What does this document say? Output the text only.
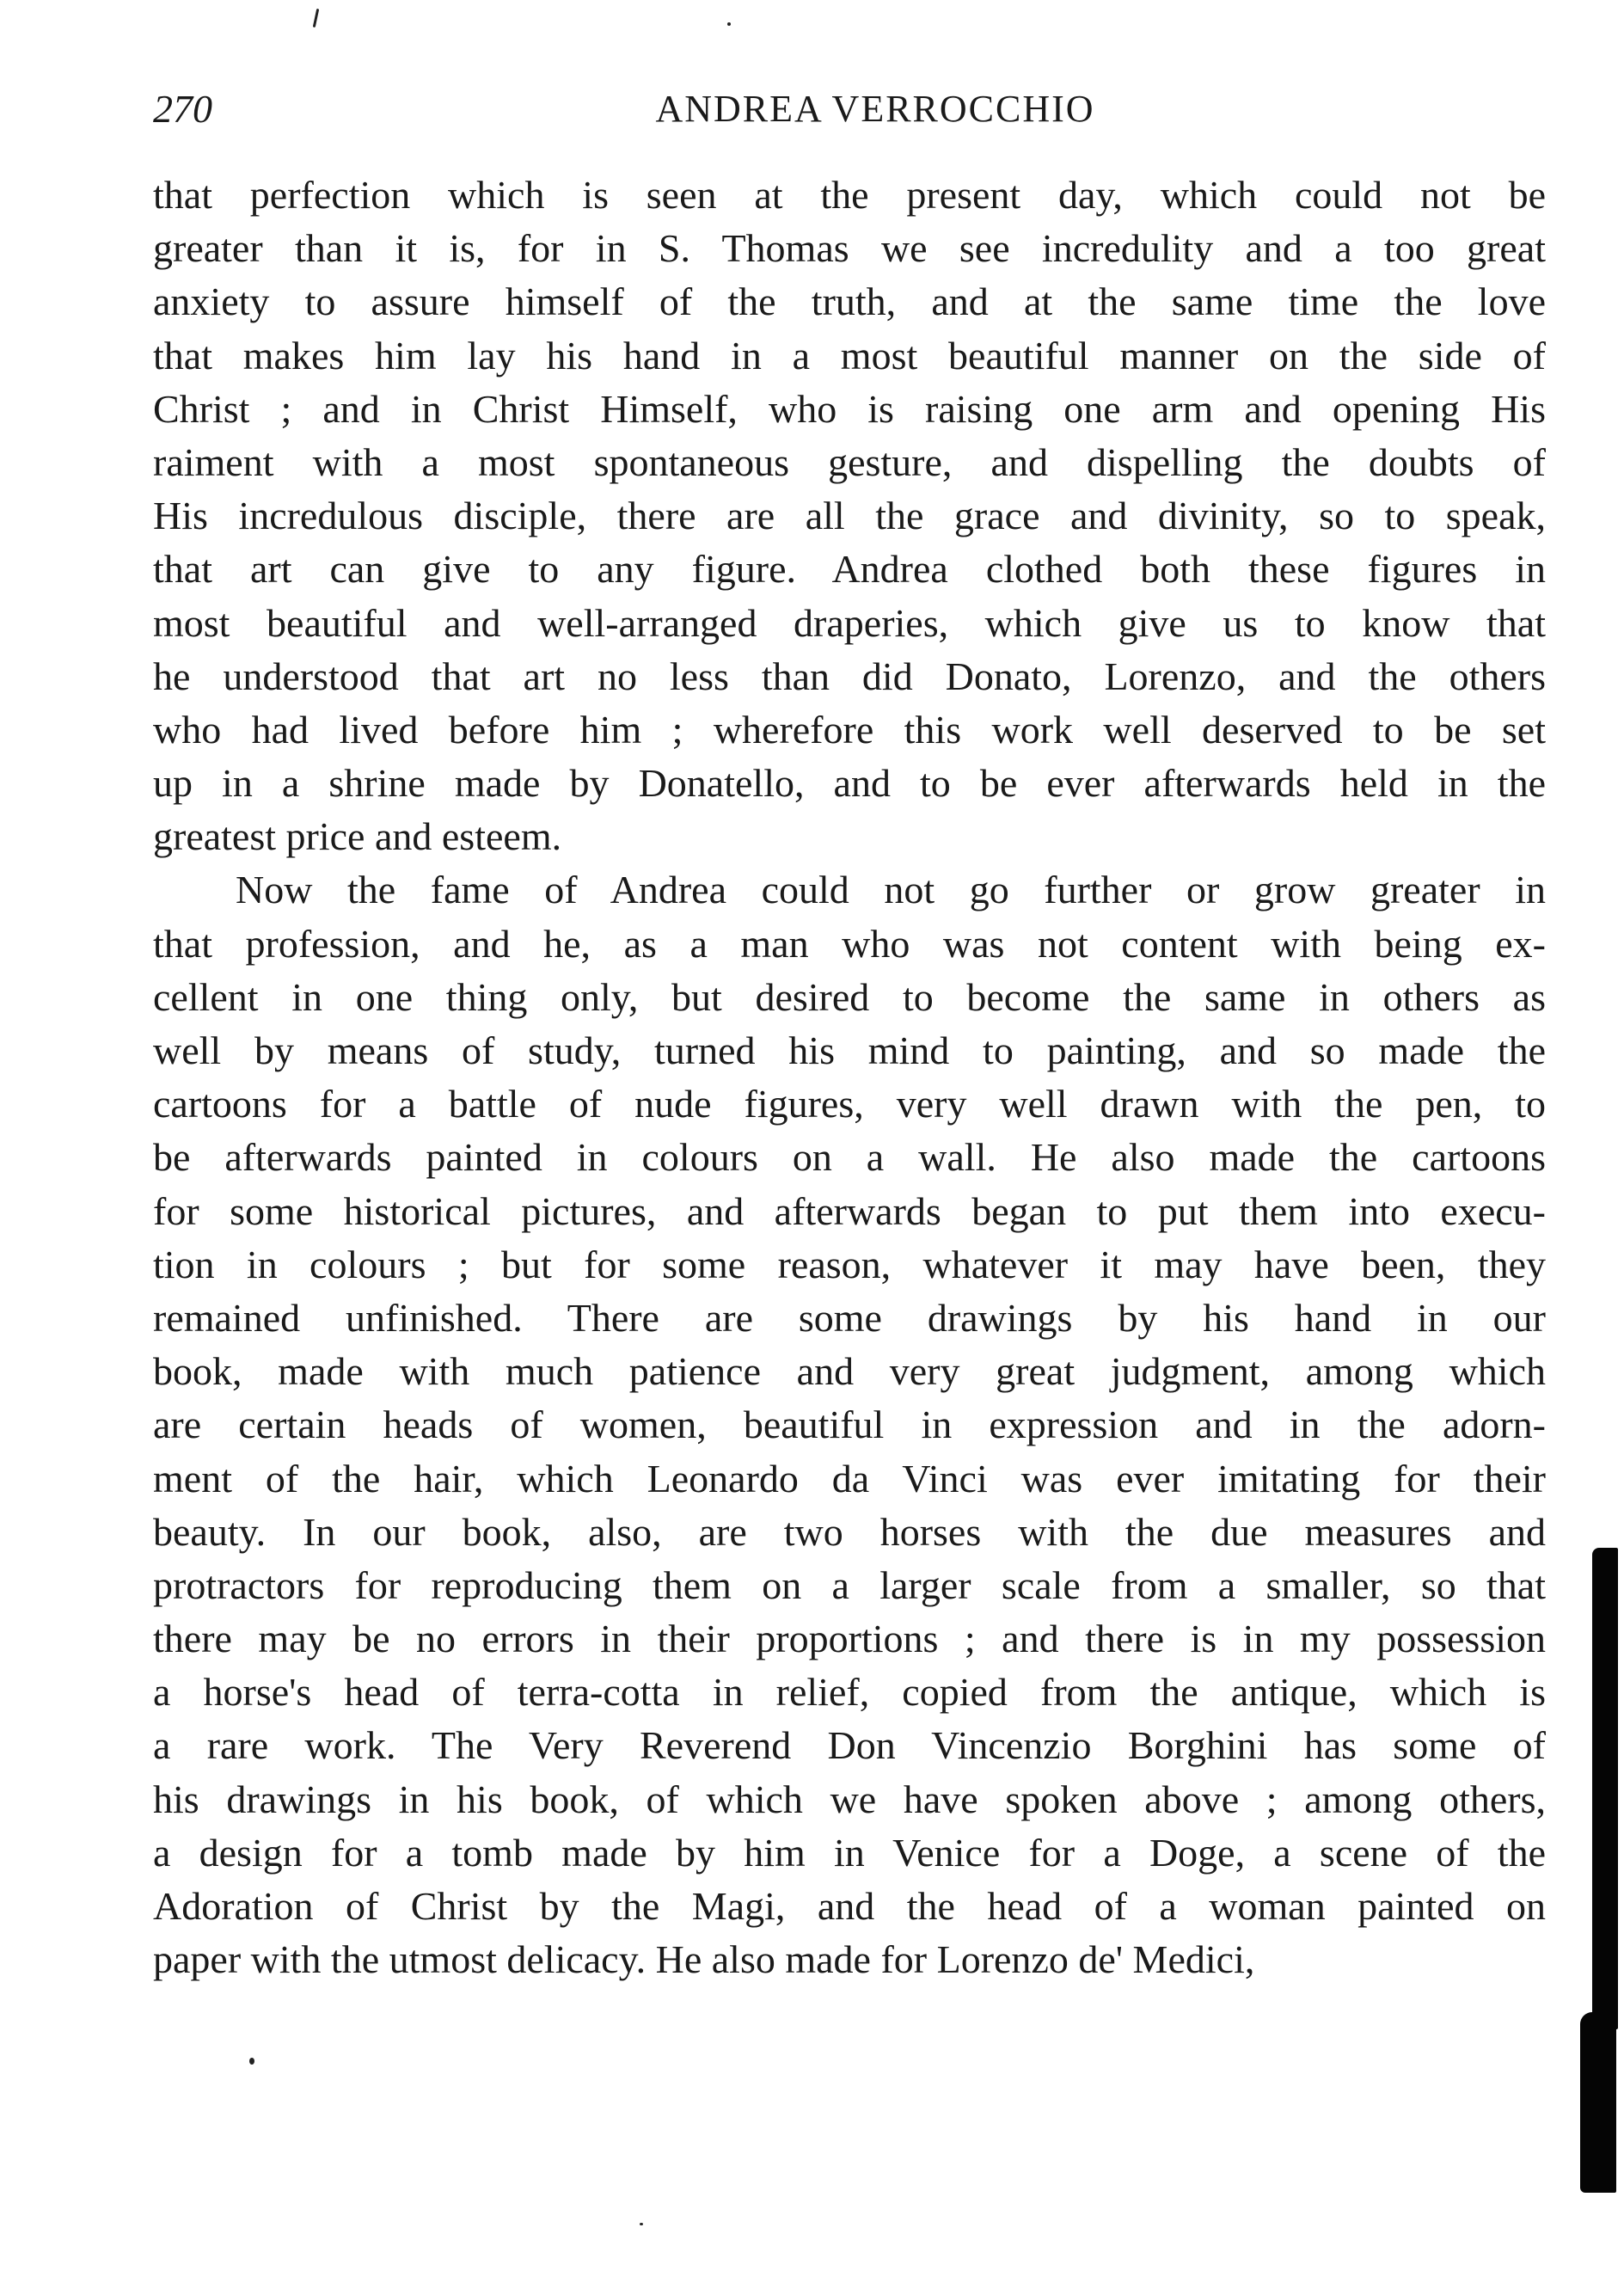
270	ANDREA VERROCCHIO
that perfection which is seen at the present day, which could not be
greater than it is, for in S. Thomas we see incredulity and a too great
anxiety to assure himself of the truth, and at the same time the love
that makes him lay his hand in a most beautiful manner on the side of
Christ ; and in Christ Himself, who is raising one arm and opening His
raiment with a most spontaneous gesture, and dispelling the doubts of
His incredulous disciple, there are all the grace and divinity, so to speak,
that art can give to any figure. Andrea clothed both these figures in
most beautiful and well-arranged draperies, which give us to know that
he understood that art no less than did Donato, Lorenzo, and the others
who had lived before him ; wherefore this work well deserved to be set
up in a shrine made by Donatello, and to be ever afterwards held in the
greatest price and esteem.
Now the fame of Andrea could not go further or grow greater in
that profession, and he, as a man who was not content with being ex-
cellent in one thing only, but desired to become the same in others as
well by means of study, turned his mind to painting, and so made the
cartoons for a battle of nude figures, very well drawn with the pen, to
be afterwards painted in colours on a wall. He also made the cartoons
for some historical pictures, and afterwards began to put them into execu-
tion in colours ; but for some reason, whatever it may have been, they
remained unfinished. There are some drawings by his hand in our
book, made with much patience and very great judgment, among which
are certain heads of women, beautiful in expression and in the adorn-
ment of the hair, which Leonardo da Vinci was ever imitating for their
beauty. In our book, also, are two horses with the due measures and
protractors for reproducing them on a larger scale from a smaller, so that
there may be no errors in their proportions ; and there is in my possession
a horse's head of terra-cotta in relief, copied from the antique, which is
a rare work. The Very Reverend Don Vincenzio Borghini has some of
his drawings in his book, of which we have spoken above ; among others,
a design for a tomb made by him in Venice for a Doge, a scene of the
Adoration of Christ by the Magi, and the head of a woman painted on
paper with the utmost delicacy. He also made for Lorenzo de' Medici,
